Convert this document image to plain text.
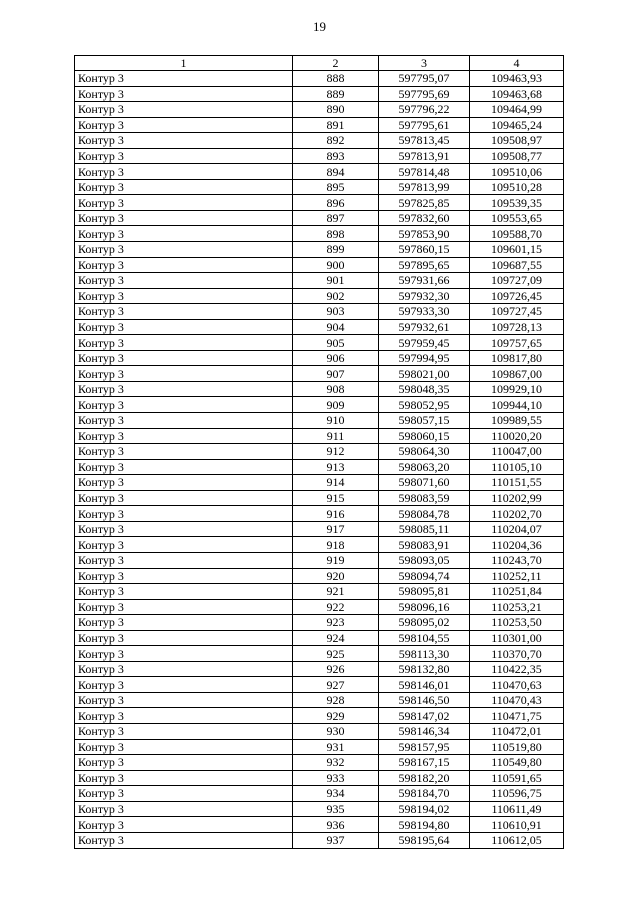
19
1	2	3	4
Контур 3	888	597795,07	109463,93
Контур 3	889	597795,69	109463,68
Контур 3	890	597796,22	109464,99
Контур 3	891	597795,61	109465,24
Контур 3	892	597813,45	109508,97
Контур 3	893	597813,91	109508,77
Контур 3	894	597814,48	109510,06
Контур 3	895	597813,99	109510,28
Контур 3	896	597825,85	109539,35
Контур 3	897	597832,60	109553,65
Контур 3	898	597853,90	109588,70
Контур 3	899	597860,15	109601,15
Контур 3	900	597895,65	109687,55
Контур 3	901	597931,66	109727,09
Контур 3	902	597932,30	109726,45
Контур 3	903	597933,30	109727,45
Контур 3	904	597932,61	109728,13
Контур 3	905	597959,45	109757,65
Контур 3	906	597994,95	109817,80
Контур 3	907	598021,00	109867,00
Контур 3	908	598048,35	109929,10
Контур 3	909	598052,95	109944,10
Контур 3	910	598057,15	109989,55
Контур 3	911	598060,15	110020,20
Контур 3	912	598064,30	110047,00
Контур 3	913	598063,20	110105,10
Контур 3	914	598071,60	110151,55
Контур 3	915	598083,59	110202,99
Контур 3	916	598084,78	110202,70
Контур 3	917	598085,11	110204,07
Контур 3	918	598083,91	110204,36
Контур 3	919	598093,05	110243,70
Контур 3	920	598094,74	110252,11
Контур 3	921	598095,81	110251,84
Контур 3	922	598096,16	110253,21
Контур 3	923	598095,02	110253,50
Контур 3	924	598104,55	110301,00
Контур 3	925	598113,30	110370,70
Контур 3	926	598132,80	110422,35
Контур 3	927	598146,01	110470,63
Контур 3	928	598146,50	110470,43
Контур 3	929	598147,02	110471,75
Контур 3	930	598146,34	110472,01
Контур 3	931	598157,95	110519,80
Контур 3	932	598167,15	110549,80
Контур 3	933	598182,20	110591,65
Контур 3	934	598184,70	110596,75
Контур 3	935	598194,02	110611,49
Контур 3	936	598194,80	110610,91
Контур 3	937	598195,64	110612,05
